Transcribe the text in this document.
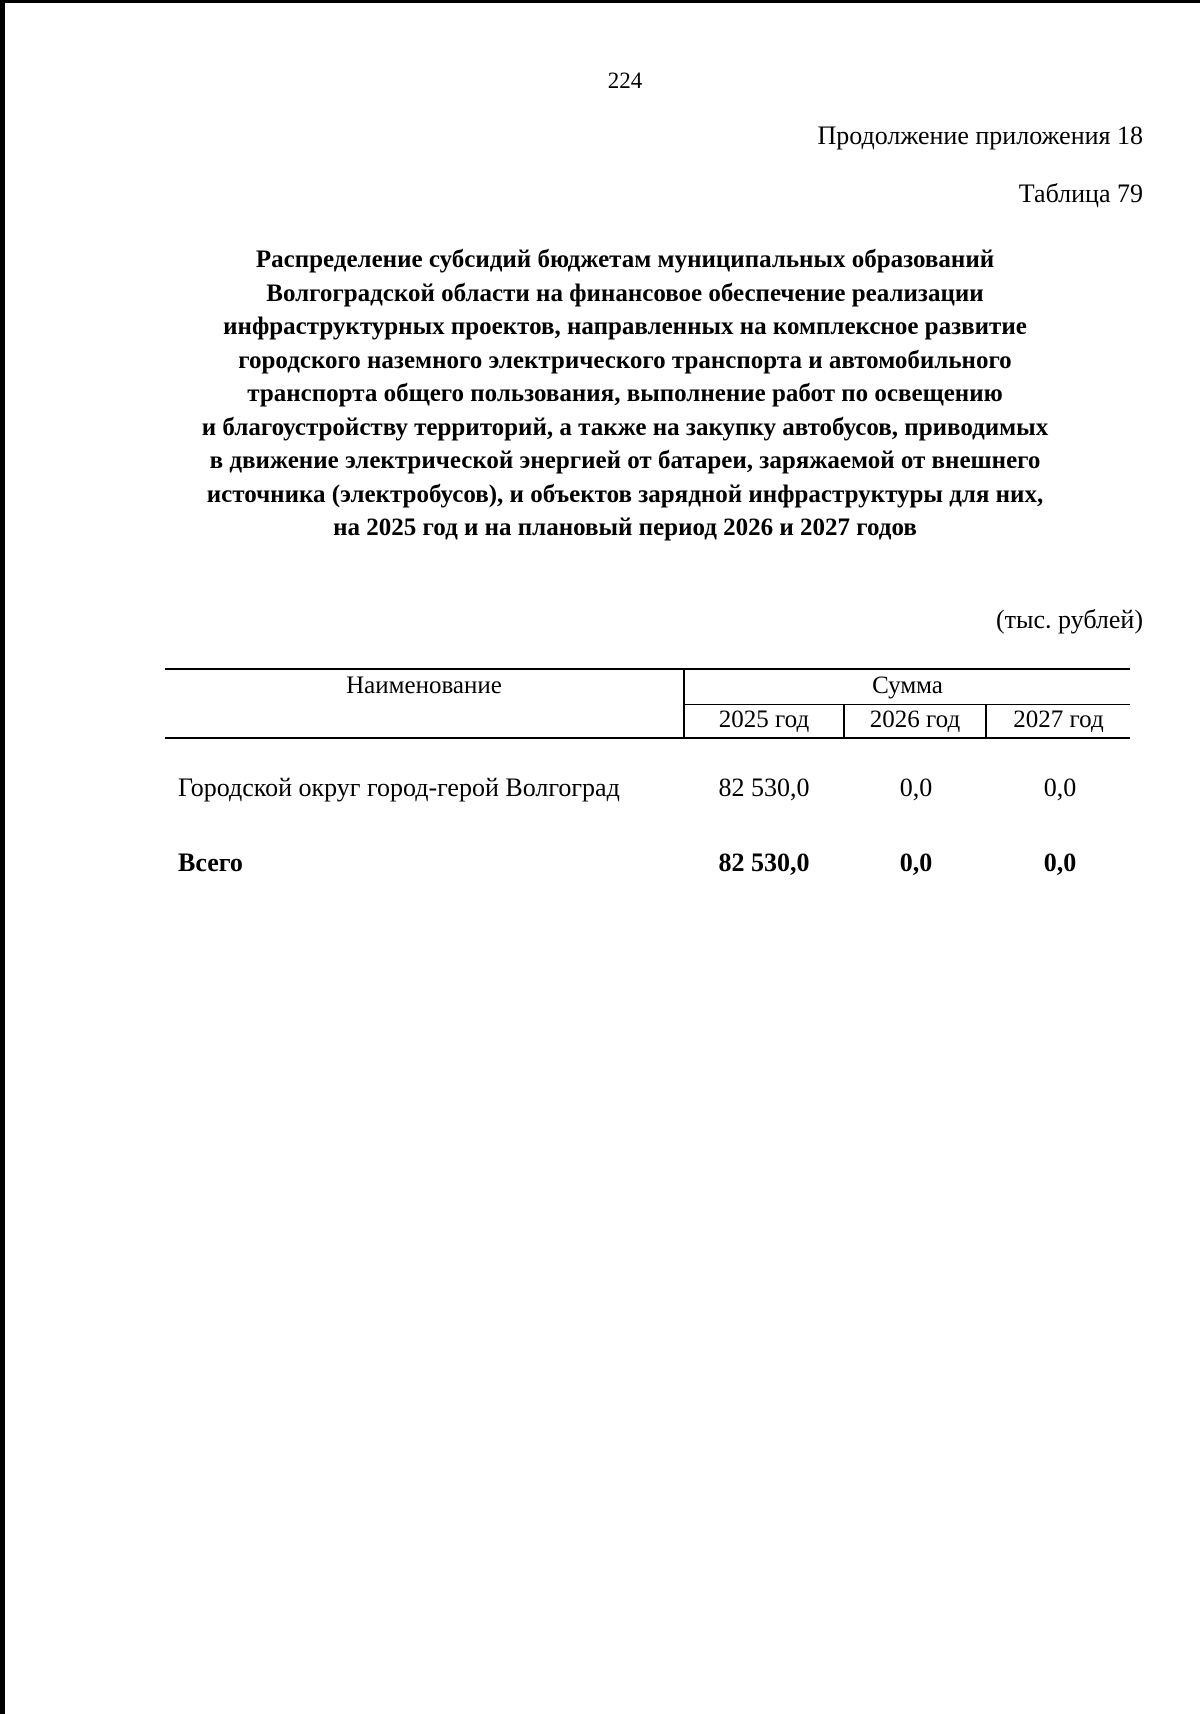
224
Продолжение приложения 18
Таблица 79
Распределение субсидий бюджетам муниципальных образований
Волгоградской области на финансовое обеспечение реализации
инфраструктурных проектов, направленных на комплексное развитие
городского наземного электрического транспорта и автомобильного
транспорта общего пользования, выполнение работ по освещению
и благоустройству территорий, а также на закупку автобусов, приводимых
в движение электрической энергией от батареи, заряжаемой от внешнего
источника (электробусов), и объектов зарядной инфраструктуры для них,
на 2025 год и на плановый период 2026 и 2027 годов
(тыс. рублей)
Наименование	Сумма
2025 год	2026 год	2027 год
Городской округ город-герой Волгоград	82 530,0	0,0	0,0
Всего	82 530,0	0,0	0,0
